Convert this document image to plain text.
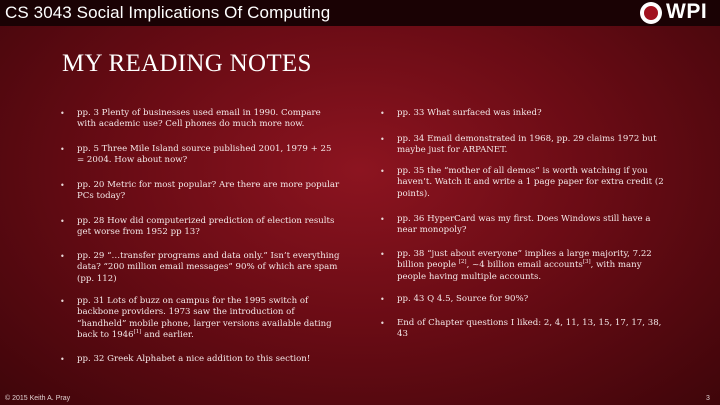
CS 3043 Social Implications Of Computing	WPI
MY READING NOTES
• pp. 3 Plenty of businesses used email in 1990. Compare with academic use? Cell phones do much more now.
• pp. 5 Three Mile Island source published 2001, 1979 + 25 = 2004. How about now?
• pp. 20 Metric for most popular? Are there are more popular PCs today?
• pp. 28 How did computerized prediction of election results get worse from 1952 pp 13?
• pp. 29 “…transfer programs and data only.” Isn’t everything data? “200 million email messages” 90% of which are spam (pp. 112)
• pp. 31 Lots of buzz on campus for the 1995 switch of backbone providers. 1973 saw the introduction of “handheld” mobile phone, larger versions available dating back to 1946[1] and earlier.
• pp. 32 Greek Alphabet a nice addition to this section!
• pp. 33 What surfaced was inked?
• pp. 34 Email demonstrated in 1968, pp. 29 claims 1972 but maybe just for ARPANET.
• pp. 35 the “mother of all demos” is worth watching if you haven’t. Watch it and write a 1 page paper for extra credit (2 points).
• pp. 36 HyperCard was my first. Does Windows still have a near monopoly?
• pp. 38 “just about everyone” implies a large majority, 7.22 billion people [2], ~4 billion email accounts[3], with many people having multiple accounts.
• pp. 43 Q 4.5, Source for 90%?
• End of Chapter questions I liked: 2, 4, 11, 13, 15, 17, 17, 38, 43
© 2015 Keith A. Pray	3
